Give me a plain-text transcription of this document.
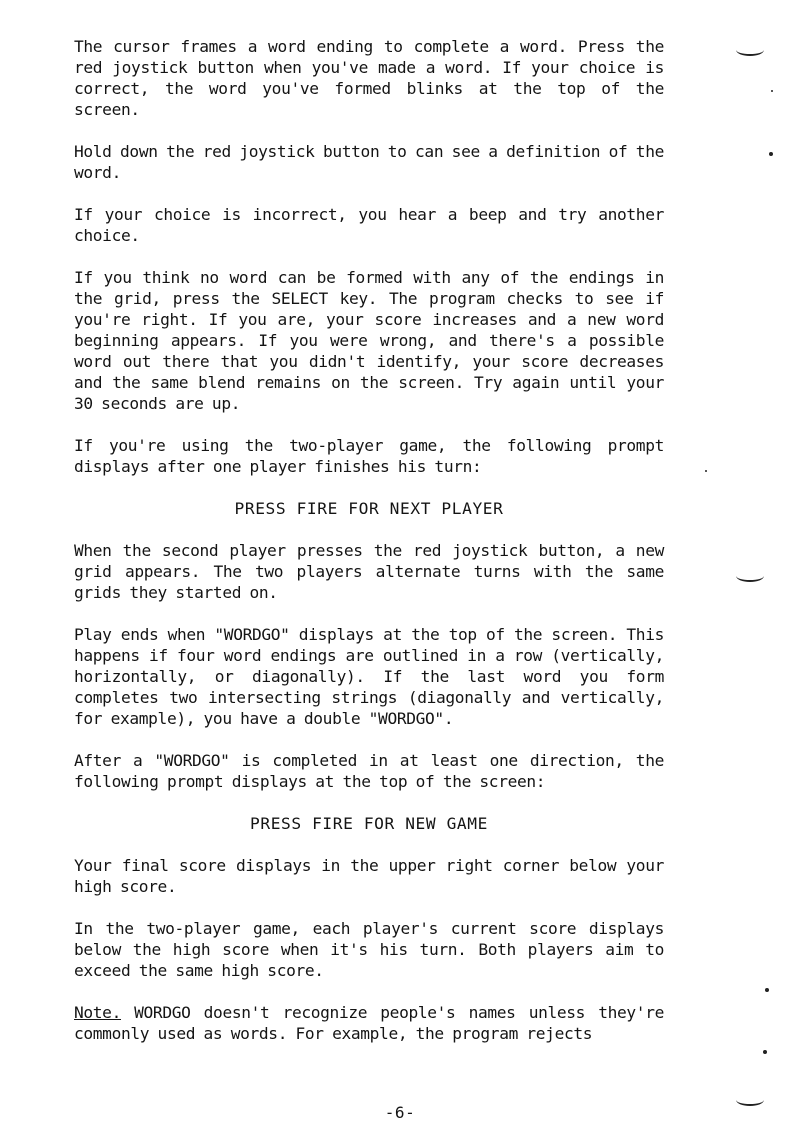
The cursor frames a word ending to complete a word. Press the red joystick button when you've made a word. If your choice is correct, the word you've formed blinks at the top of the screen.

Hold down the red joystick button to can see a definition of the word.

If your choice is incorrect, you hear a beep and try another choice.

If you think no word can be formed with any of the endings in the grid, press the SELECT key. The program checks to see if you're right. If you are, your score increases and a new word beginning appears. If you were wrong, and there's a possible word out there that you didn't identify, your score decreases and the same blend remains on the screen. Try again until your 30 seconds are up.

If you're using the two-player game, the following prompt displays after one player finishes his turn:

PRESS FIRE FOR NEXT PLAYER

When the second player presses the red joystick button, a new grid appears. The two players alternate turns with the same grids they started on.

Play ends when "WORDGO" displays at the top of the screen. This happens if four word endings are outlined in a row (vertically, horizontally, or diagonally). If the last word you form completes two intersecting strings (diagonally and vertically, for example), you have a double "WORDGO".

After a "WORDGO" is completed in at least one direction, the following prompt displays at the top of the screen:

PRESS FIRE FOR NEW GAME

Your final score displays in the upper right corner below your high score.

In the two-player game, each player's current score displays below the high score when it's his turn. Both players aim to exceed the same high score.

Note. WORDGO doesn't recognize people's names unless they're commonly used as words. For example, the program rejects

-6-
